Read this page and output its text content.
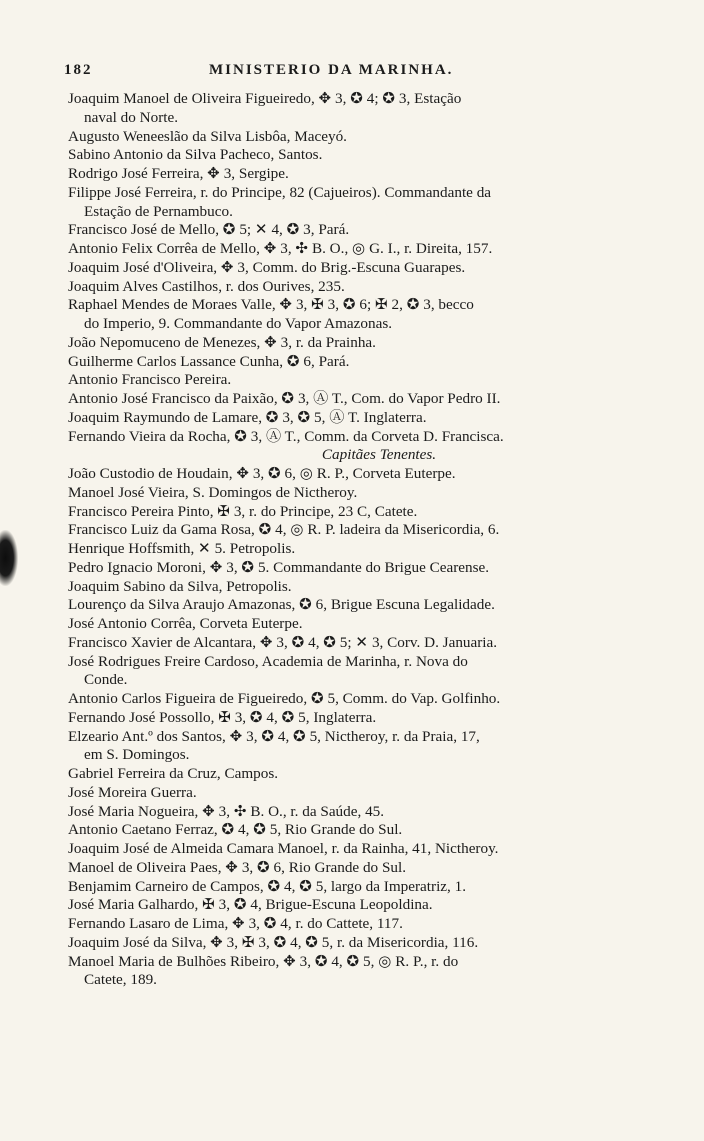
182	MINISTERIO DA MARINHA.
Joaquim Manoel de Oliveira Figueiredo, ✥ 3, ✪ 4; ✪ 3, Estação
naval do Norte.
Augusto Weneeslão da Silva Lisbôa, Maceyó.
Sabino Antonio da Silva Pacheco, Santos.
Rodrigo José Ferreira, ✥ 3, Sergipe.
Filippe José Ferreira, r. do Principe, 82 (Cajueiros). Commandante da
Estação de Pernambuco.
Francisco José de Mello, ✪ 5; ✕ 4, ✪ 3, Pará.
Antonio Felix Corrêa de Mello, ✥ 3, ✣ B. O., ◎ G. I., r. Direita, 157.
Joaquim José d'Oliveira, ✥ 3, Comm. do Brig.-Escuna Guarapes.
Joaquim Alves Castilhos, r. dos Ourives, 235.
Raphael Mendes de Moraes Valle, ✥ 3, ✠ 3, ✪ 6; ✠ 2, ✪ 3, becco
do Imperio, 9. Commandante do Vapor Amazonas.
João Nepomuceno de Menezes, ✥ 3, r. da Prainha.
Guilherme Carlos Lassance Cunha, ✪ 6, Pará.
Antonio Francisco Pereira.
Antonio José Francisco da Paixão, ✪ 3, Ⓐ T., Com. do Vapor Pedro II.
Joaquim Raymundo de Lamare, ✪ 3, ✪ 5, Ⓐ T. Inglaterra.
Fernando Vieira da Rocha, ✪ 3, Ⓐ T., Comm. da Corveta D. Francisca.
Capitães Tenentes.
João Custodio de Houdain, ✥ 3, ✪ 6, ◎ R. P., Corveta Euterpe.
Manoel José Vieira, S. Domingos de Nictheroy.
Francisco Pereira Pinto, ✠ 3, r. do Principe, 23 C, Catete.
Francisco Luiz da Gama Rosa, ✪ 4, ◎ R. P. ladeira da Misericordia, 6.
Henrique Hoffsmith, ✕ 5. Petropolis.
Pedro Ignacio Moroni, ✥ 3, ✪ 5. Commandante do Brigue Cearense.
Joaquim Sabino da Silva, Petropolis.
Lourenço da Silva Araujo Amazonas, ✪ 6, Brigue Escuna Legalidade.
José Antonio Corrêa, Corveta Euterpe.
Francisco Xavier de Alcantara, ✥ 3, ✪ 4, ✪ 5; ✕ 3, Corv. D. Januaria.
José Rodrigues Freire Cardoso, Academia de Marinha, r. Nova do
Conde.
Antonio Carlos Figueira de Figueiredo, ✪ 5, Comm. do Vap. Golfinho.
Fernando José Possollo, ✠ 3, ✪ 4, ✪ 5, Inglaterra.
Elzeario Ant.º dos Santos, ✥ 3, ✪ 4, ✪ 5, Nictheroy, r. da Praia, 17,
em S. Domingos.
Gabriel Ferreira da Cruz, Campos.
José Moreira Guerra.
José Maria Nogueira, ✥ 3, ✣ B. O., r. da Saúde, 45.
Antonio Caetano Ferraz, ✪ 4, ✪ 5, Rio Grande do Sul.
Joaquim José de Almeida Camara Manoel, r. da Rainha, 41, Nictheroy.
Manoel de Oliveira Paes, ✥ 3, ✪ 6, Rio Grande do Sul.
Benjamim Carneiro de Campos, ✪ 4, ✪ 5, largo da Imperatriz, 1.
José Maria Galhardo, ✠ 3, ✪ 4, Brigue-Escuna Leopoldina.
Fernando Lasaro de Lima, ✥ 3, ✪ 4, r. do Cattete, 117.
Joaquim José da Silva, ✥ 3, ✠ 3, ✪ 4, ✪ 5, r. da Misericordia, 116.
Manoel Maria de Bulhões Ribeiro, ✥ 3, ✪ 4, ✪ 5, ◎ R. P., r. do
Catete, 189.
